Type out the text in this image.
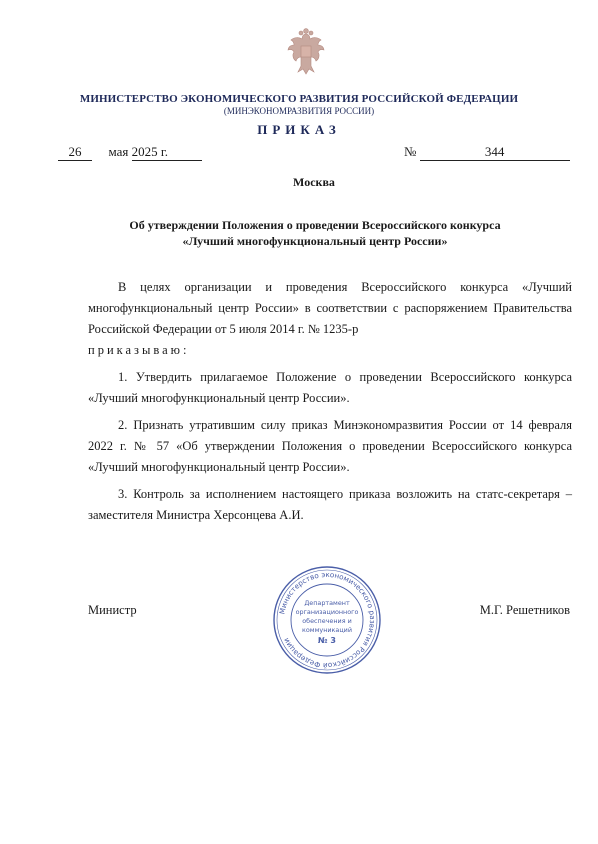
МИНИСТЕРСТВО ЭКОНОМИЧЕСКОГО РАЗВИТИЯ РОССИЙСКОЙ ФЕДЕРАЦИИ
(МИНЭКОНОМРАЗВИТИЯ РОССИИ)
ПРИКАЗ
26 мая 2025 г.	№	344
Москва
Об утверждении Положения о проведении Всероссийского конкурса
«Лучший многофункциональный центр России»

В целях организации и проведения Всероссийского конкурса «Лучший многофункциональный центр России» в соответствии с распоряжением Правительства Российской Федерации от 5 июля 2014 г. № 1235-р

приказываю:

1. Утвердить прилагаемое Положение о проведении Всероссийского конкурса «Лучший многофункциональный центр России».

2. Признать утратившим силу приказ Минэкономразвития России от 14 февраля 2022 г. № 57 «Об утверждении Положения о проведении Всероссийского конкурса «Лучший многофункциональный центр России».

3. Контроль за исполнением настоящего приказа возложить на статс-секретаря – заместителя Министра Херсонцева А.И.

Министерство экономического развития Российской Федерации
Департамент
организационного
обеспечения и
коммуникаций
№ 3
Министр	М.Г. Решетников
